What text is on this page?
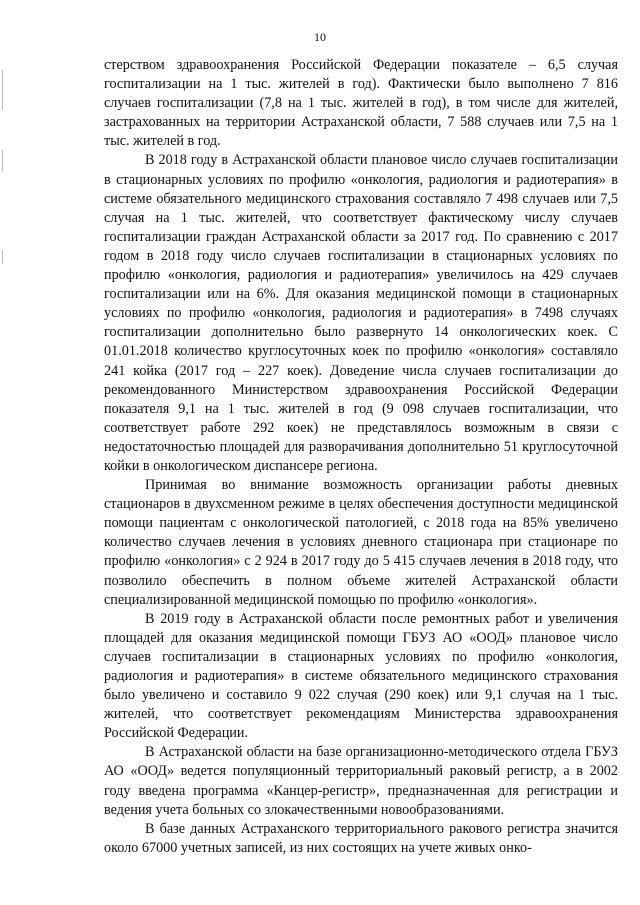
10

стерством здравоохранения Российской Федерации показателе – 6,5 случая госпитализации на 1 тыс. жителей в год). Фактически было выполнено 7 816 случаев госпитализации (7,8 на 1 тыс. жителей в год), в том числе для жителей, застрахованных на территории Астраханской области, 7 588 случаев или 7,5 на 1 тыс. жителей в год.

В 2018 году в Астраханской области плановое число случаев госпитализации в стационарных условиях по профилю «онкология, радиология и радиотерапия» в системе обязательного медицинского страхования составляло 7 498 случаев или 7,5 случая на 1 тыс. жителей, что соответствует фактическому числу случаев госпитализации граждан Астраханской области за 2017 год. По сравнению с 2017 годом в 2018 году число случаев госпитализации в стационарных условиях по профилю «онкология, радиология и радиотерапия» увеличилось на 429 случаев госпитализации или на 6%. Для оказания медицинской помощи в стационарных условиях по профилю «онкология, радиология и радиотерапия» в 7498 случаях госпитализации дополнительно было развернуто 14 онкологических коек. С 01.01.2018 количество круглосуточных коек по профилю «онкология» составляло 241 койка (2017 год – 227 коек). Доведение числа случаев госпитализации до рекомендованного Министерством здравоохранения Российской Федерации показателя 9,1 на 1 тыс. жителей в год (9 098 случаев госпитализации, что соответствует работе 292 коек) не представлялось возможным в связи с недостаточностью площадей для разворачивания дополнительно 51 круглосуточной койки в онкологическом диспансере региона.

Принимая во внимание возможность организации работы дневных стационаров в двухсменном режиме в целях обеспечения доступности медицинской помощи пациентам с онкологической патологией, с 2018 года на 85% увеличено количество случаев лечения в условиях дневного стационара при стационаре по профилю «онкология» с 2 924 в 2017 году до 5 415 случаев лечения в 2018 году, что позволило обеспечить в полном объеме жителей Астраханской области специализированной медицинской помощью по профилю «онкология».

В 2019 году в Астраханской области после ремонтных работ и увеличения площадей для оказания медицинской помощи ГБУЗ АО «ООД» плановое число случаев госпитализации в стационарных условиях по профилю «онкология, радиология и радиотерапия» в системе обязательного медицинского страхования было увеличено и составило 9 022 случая (290 коек) или 9,1 случая на 1 тыс. жителей, что соответствует рекомендациям Министерства здравоохранения Российской Федерации.

В Астраханской области на базе организационно-методического отдела ГБУЗ АО «ООД» ведется популяционный территориальный раковый регистр, а в 2002 году введена программа «Канцер-регистр», предназначенная для регистрации и ведения учета больных со злокачественными новообразованиями.

В базе данных Астраханского территориального ракового регистра значится около 67000 учетных записей, из них состоящих на учете живых онко-
